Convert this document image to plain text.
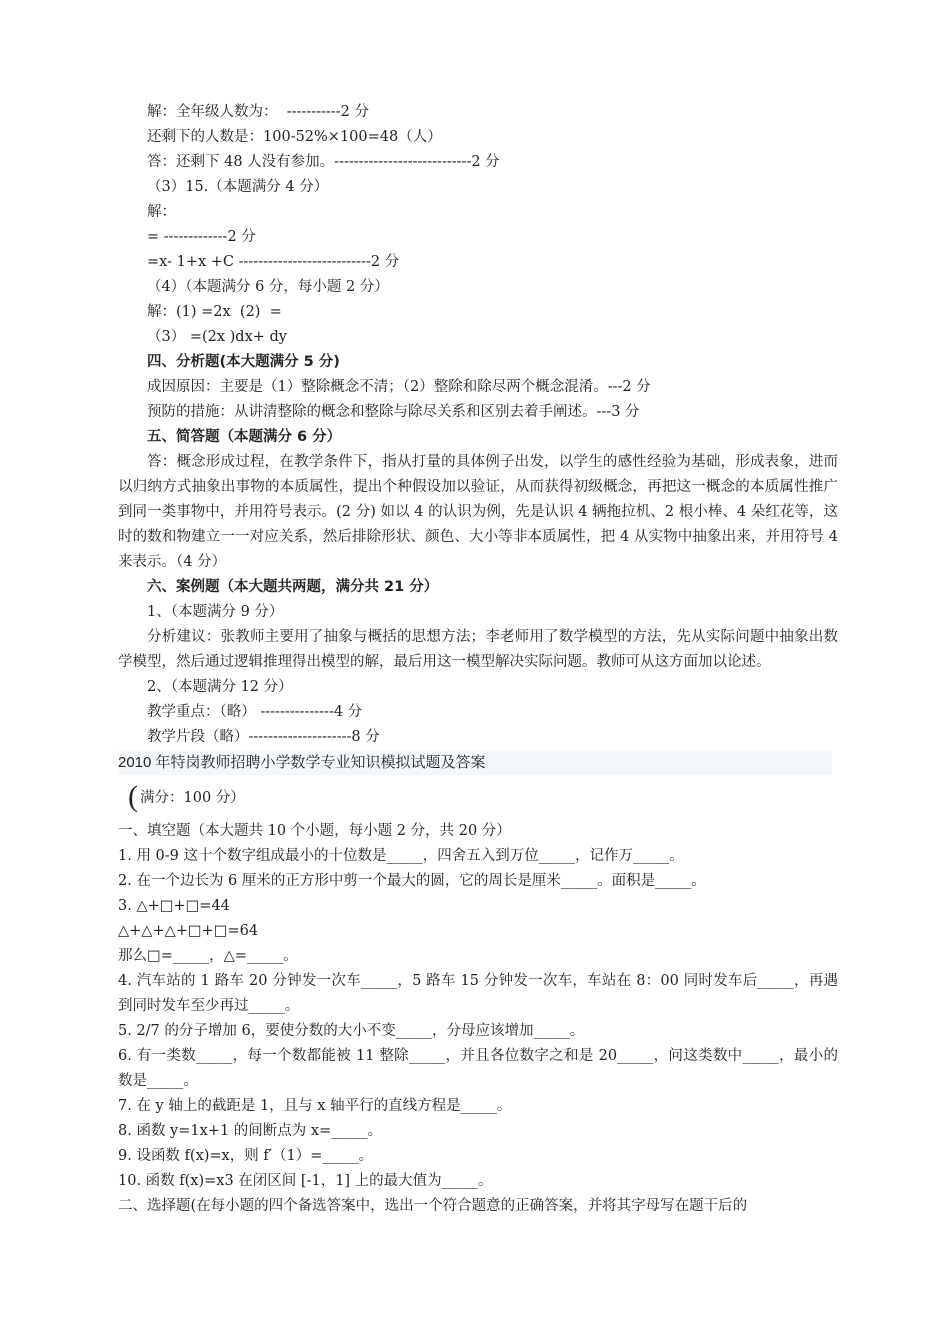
解：全年级人数为：  -----------2 分
还剩下的人数是：100-52%×100=48（人）
答：还剩下 48 人没有参加。----------------------------2 分
（3）15.（本题满分 4 分）
解：
= -------------2 分
=x- 1+x +C ---------------------------2 分
（4）（本题满分 6 分，每小题 2 分）
解：(1) =2x  (2)  =
（3） =(2x )dx+ dy
四、分析题(本大题满分 5 分)
成因原因：主要是（1）整除概念不清；（2）整除和除尽两个概念混淆。---2 分
预防的措施：从讲清整除的概念和整除与除尽关系和区别去着手阐述。---3 分
五、简答题（本题满分 6 分）

答：概念形成过程，在教学条件下，指从打量的具体例子出发，以学生的感性经验为基础，形成表象，进而以归纳方式抽象出事物的本质属性，提出个种假设加以验证，从而获得初级概念，再把这一概念的本质属性推广到同一类事物中，并用符号表示。(2 分) 如以 4 的认识为例，先是认识 4 辆拖拉机、2 根小棒、4 朵红花等，这时的数和物建立一一对应关系，然后排除形状、颜色、大小等非本质属性，把 4 从实物中抽象出来，并用符号 4 来表示。（4 分）

六、案例题（本大题共两题，满分共 21 分）
1、（本题满分 9 分）

分析建议：张教师主要用了抽象与概括的思想方法；李老师用了数学模型的方法，先从实际问题中抽象出数学模型，然后通过逻辑推理得出模型的解，最后用这一模型解决实际问题。教师可从这方面加以论述。

2、（本题满分 12 分）
教学重点：（略） ---------------4 分
教学片段（略）---------------------8 分
2010 年特岗教师招聘小学数学专业知识模拟试题及答案
( 满分：100 分）
一、填空题（本大题共 10 个小题，每小题 2 分，共 20 分）
1. 用 0-9 这十个数字组成最小的十位数是_____，四舍五入到万位_____，记作万_____。
2. 在一个边长为 6 厘米的正方形中剪一个最大的圆，它的周长是厘米_____。面积是_____。
3. △+□+□=44
△+△+△+□+□=64
那么□=_____，△=_____。

4. 汽车站的 1 路车 20 分钟发一次车_____，5 路车 15 分钟发一次车，车站在 8：00 同时发车后_____，再遇到同时发车至少再过_____。

5. 2/7 的分子增加 6，要使分数的大小不变_____，分母应该增加_____。

6. 有一类数_____，每一个数都能被 11 整除_____，并且各位数字之和是 20_____，问这类数中_____，最小的数是_____。

7. 在 y 轴上的截距是 1，且与 x 轴平行的直线方程是_____。
8. 函数 y=1x+1 的间断点为 x=_____。
9. 设函数 f(x)=x，则 f′（1）=_____。
10. 函数 f(x)=x3 在闭区间 [-1，1] 上的最大值为_____。
二、选择题(在每小题的四个备选答案中，选出一个符合题意的正确答案，并将其字母写在题干后的
